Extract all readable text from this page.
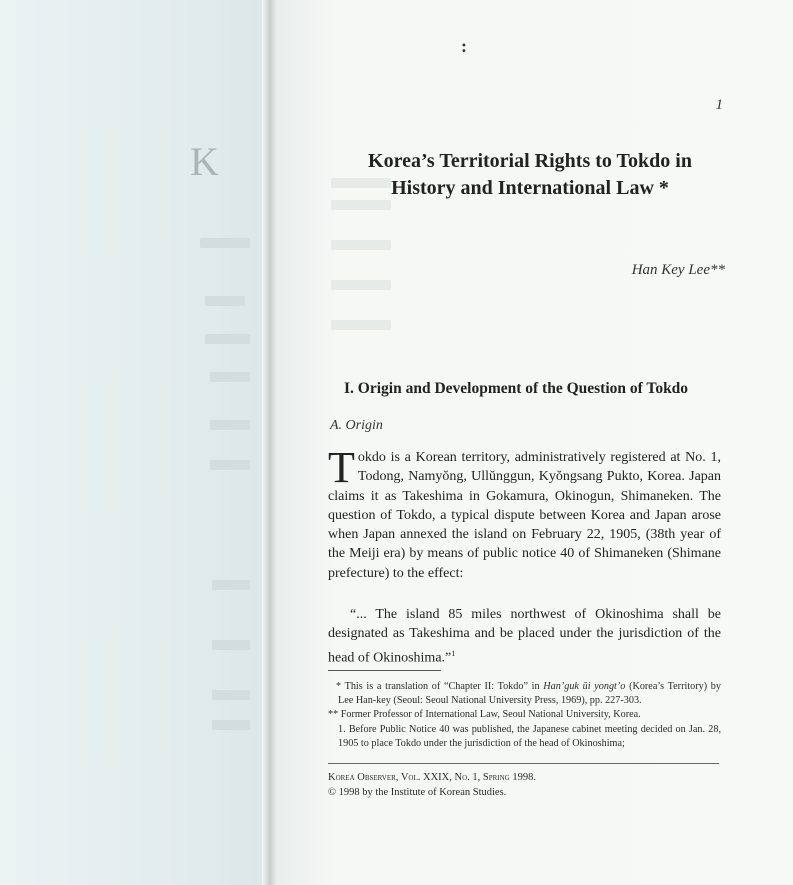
K
:
1
Korea’s Territorial Rights to Tokdo in
History and International Law *
Han Key Lee**
I. Origin and Development of the Question of Tokdo
A. Origin
Tokdo is a Korean territory, administratively registered at No. 1, Todong, Namyŏng, Ullŭnggun, Kyŏngsang Pukto, Korea. Japan claims it as Takeshima in Gokamura, Okinogun, Shimaneken. The question of Tokdo, a typical dispute between Korea and Japan arose when Japan annexed the island on February 22, 1905, (38th year of the Meiji era) by means of public notice 40 of Shimaneken (Shimane prefecture) to the effect:
“... The island 85 miles northwest of Okinoshima shall be designated as Takeshima and be placed under the jurisdiction of the head of Okinoshima.”$^1$

* This is a translation of “Chapter II: Tokdo” in Han’guk ŭi yongt’o (Korea’s Territory) by Lee Han-key (Seoul: Seoul National University Press, 1969), pp. 227-303.

** Former Professor of International Law, Seoul National University, Korea.

1. Before Public Notice 40 was published, the Japanese cabinet meeting decided on Jan. 28, 1905 to place Tokdo under the jurisdiction of the head of Okinoshima;

Korea Observer, Vol. XXIX, No. 1, Spring 1998.
© 1998 by the Institute of Korean Studies.
